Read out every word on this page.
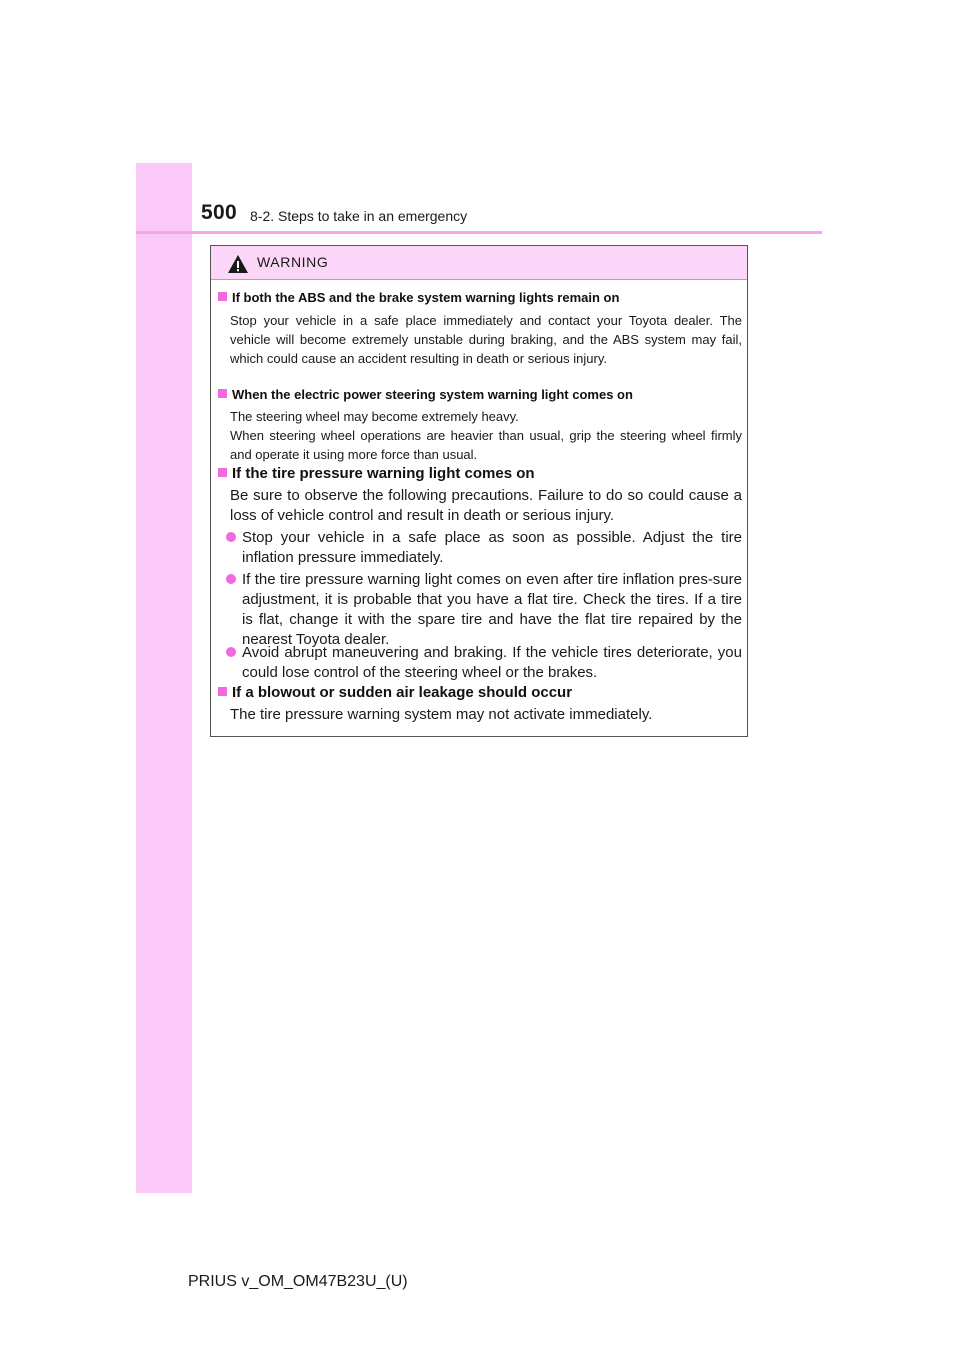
500 8-2. Steps to take in an emergency
WARNING
If both the ABS and the brake system warning lights remain on
Stop your vehicle in a safe place immediately and contact your Toyota dealer. The vehicle will become extremely unstable during braking, and the ABS system may fail, which could cause an accident resulting in death or serious injury.
When the electric power steering system warning light comes on
The steering wheel may become extremely heavy.
When steering wheel operations are heavier than usual, grip the steering wheel firmly and operate it using more force than usual.
If the tire pressure warning light comes on
Be sure to observe the following precautions. Failure to do so could cause a loss of vehicle control and result in death or serious injury.
Stop your vehicle in a safe place as soon as possible. Adjust the tire inflation pressure immediately.
If the tire pressure warning light comes on even after tire inflation pres-sure adjustment, it is probable that you have a flat tire. Check the tires. If a tire is flat, change it with the spare tire and have the flat tire repaired by the nearest Toyota dealer.
Avoid abrupt maneuvering and braking. If the vehicle tires deteriorate, you could lose control of the steering wheel or the brakes.
If a blowout or sudden air leakage should occur
The tire pressure warning system may not activate immediately.
PRIUS v_OM_OM47B23U_(U)
